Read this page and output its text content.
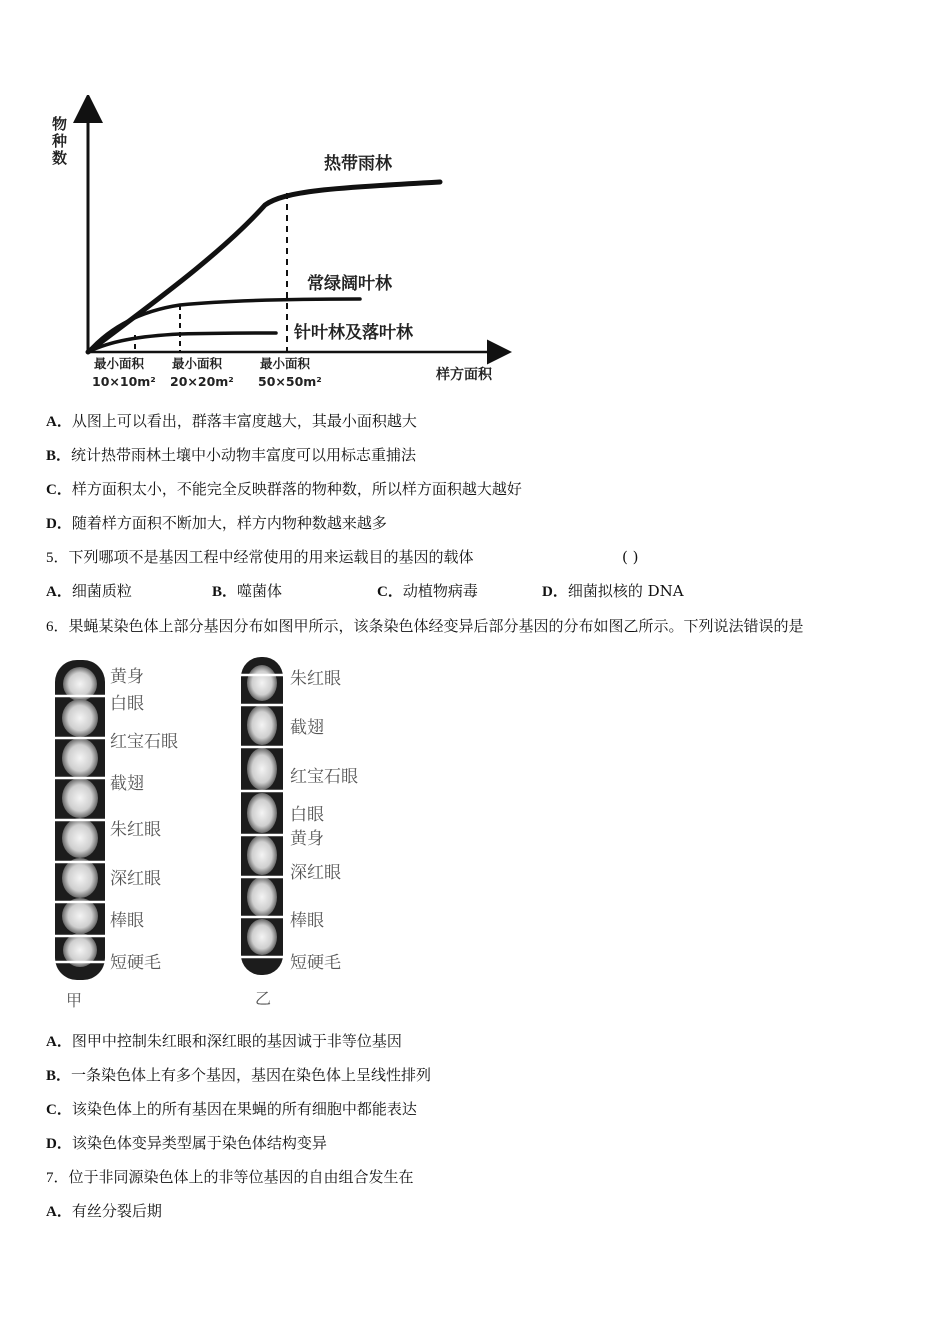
物
种
数
样方面积
热带雨林
常绿阔叶林
针叶林及落叶林
最小面积
10×10m²
最小面积
20×20m²
最小面积
50×50m²
A．从图上可以看出，群落丰富度越大，其最小面积越大
B．统计热带雨林土壤中小动物丰富度可以用标志重捕法
C．样方面积太小，不能完全反映群落的物种数，所以样方面积越大越好
D．随着样方面积不断加大，样方内物种数越来越多
5．下列哪项不是基因工程中经常使用的用来运载目的基因的载体	( )
A．细菌质粒	B．噬菌体	C．动植物病毒	D．细菌拟核的 DNA
6．果蝇某染色体上部分基因分布如图甲所示，该条染色体经变异后部分基因的分布如图乙所示。下列说法错误的是
黄身
白眼
红宝石眼
截翅
朱红眼
深红眼
棒眼
短硬毛
甲
朱红眼
截翅
红宝石眼
白眼
黄身
深红眼
棒眼
短硬毛
乙
A．图甲中控制朱红眼和深红眼的基因诚于非等位基因
B．一条染色体上有多个基因，基因在染色体上呈线性排列
C．该染色体上的所有基因在果蝇的所有细胞中都能表达
D．该染色体变异类型属于染色体结构变异
7．位于非同源染色体上的非等位基因的自由组合发生在
A．有丝分裂后期
